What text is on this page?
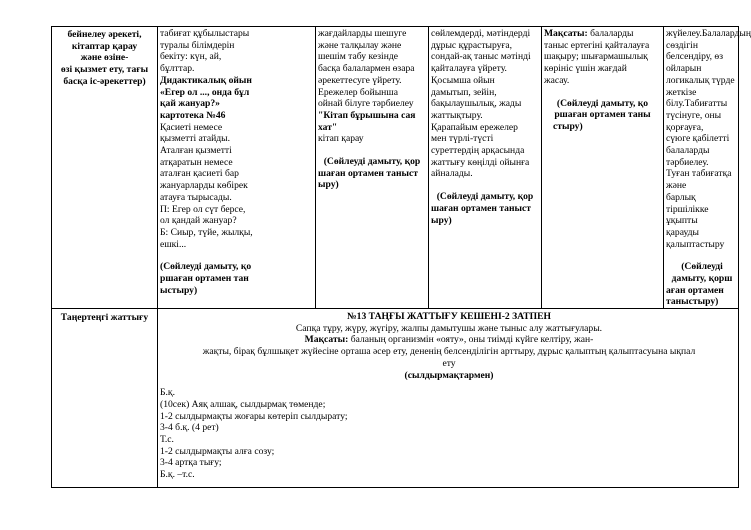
бейнелеу әрекеті,
кітаптар қарау
және өзіне-
өзі қызмет ету, тағы
басқа іс-әрекеттер)
табиғат құбылыстары
туралы білімдерін
бекіту: күн, ай,
бұлттар.
Дидактикалық ойын
«Егер ол ..., онда бұл
қай жануар?»
картотека №46
Қасиеті немесе
қызметті атайды.
Аталған қызметті
атқаратын немесе
аталған қасиеті бар
жануарларды көбірек
атауға тырысады.
П: Егер ол сүт берсе,
ол қандай жануар?
Б: Сиыр, түйе, жылқы,
ешкі...
(Сөйлеуді дамыту, қо
ршаған ортамен тан
ыстыру)
жағдайларды шешуге
және талқылау және
шешім табу кезінде
басқа балалармен өзара
әрекеттесуге үйрету.
Ережелер бойынша
ойнай білуге тәрбиелеу
"Кітап бұрышына сая
хат"
кітап қарау
(Сөйлеуді дамыту, қор
шаған ортамен таныст
ыру)
сөйлемдерді, мәтіндерді
дұрыс құрастыруға,
сондай-ақ таныс мәтінді
қайталауға үйрету.
Қосымша ойын
дамытып, зейін,
бақылаушылық, жады
жаттықтыру.
Қарапайым ережелер
мен түрлі-түсті
суреттердің арқасында
жаттығу көңілді ойынға
айналады.
(Сөйлеуді дамыту, қор
шаған ортамен таныст
ыру)
Мақсаты: балаларды
таныс ертегіні қайталауға
шақыру; шығармашылық
көрініс үшін жағдай
жасау.
(Сөйлеуді дамыту, қо
ршаған ортамен таны
стыру)
жүйелеу.Балалардың
сөздігін белсендіру, өз
ойларын логикалық түрде
жеткізе білу.Табиғатты
түсінуге, оны қорғауға,
сүюге қабілетті балаларды
тәрбиелеу.
Туған табиғатқа және
барлық тіршілікке ұқыпты
қарауды қалыптастыру
(Сөйлеуді дамыту, қорш
аған ортамен таныстыру)
Таңертеңгі жаттығу	№13 ТАҢҒЫ ЖАТТЫҒУ КЕШЕНІ-2 ЗАТПЕН
Сапқа тұру, жүру, жүгіру, жалпы дамытушы және тыныс алу жаттығулары.
Мақсаты: баланың организмін «ояту», оны тиімді күйге келтіру, жан-
жақты, бірақ бұлшықет жүйесіне орташа әсер ету, дененің белсенділігін арттыру, дұрыс қалыптың қалыптасуына ықпал
ету
(сылдырмақтармен)
Б.қ.
(10сек) Аяқ алшақ, сылдырмақ төменде;
1-2 сылдырмақты жоғары көтеріп сылдырату;
3-4 б.қ. (4 рет)
Т.с.
1-2 сылдырмақты алға созу;
3-4 артқа тығу;
Б.қ. –т.с.
